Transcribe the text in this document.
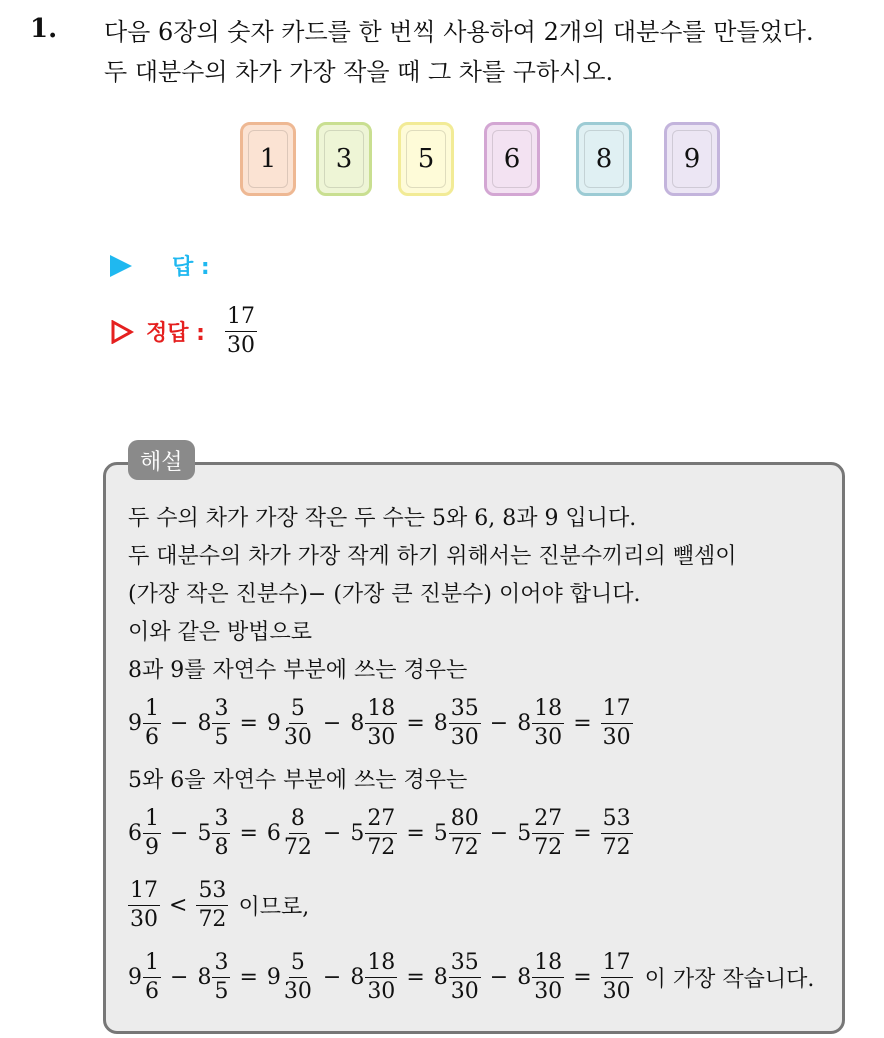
1. 다음 6장의 숫자 카드를 한 번씩 사용하여 2개의 대분수를 만들었다.
두 대분수의 차가 가장 작을 때 그 차를 구하시오.
1 3	5	6	8	9
답 :
정답 : $\frac{17}{30}$
해설
두 수의 차가 가장 작은 두 수는 5와 6, 8과 9 입니다.
두 대분수의 차가 가장 작게 하기 위해서는 진분수끼리의 뺄셈이
(가장 작은 진분수)− (가장 큰 진분수) 이어야 합니다.
이와 같은 방법으로
8과 9를 자연수 부분에 쓰는 경우는
$9 \frac{1}{6} - 8 \frac{3}{5} = 9 \frac{5}{30} - 8 \frac{18}{30} = 8 \frac{35}{30} - 8 \frac{18}{30} = \frac{17}{30}$
5와 6을 자연수 부분에 쓰는 경우는
$6 \frac{1}{9} - 5 \frac{3}{8} = 6 \frac{8}{72} - 5 \frac{27}{72} = 5 \frac{80}{72} - 5 \frac{27}{72} = \frac{53}{72}$
$\frac{17}{30} < \frac{53}{72}$ 이므로,
$9 \frac{1}{6} - 8 \frac{3}{5} = 9 \frac{5}{30} - 8 \frac{18}{30} = 8 \frac{35}{30} - 8 \frac{18}{30} = \frac{17}{30}$ 이 가장 작습니다.
